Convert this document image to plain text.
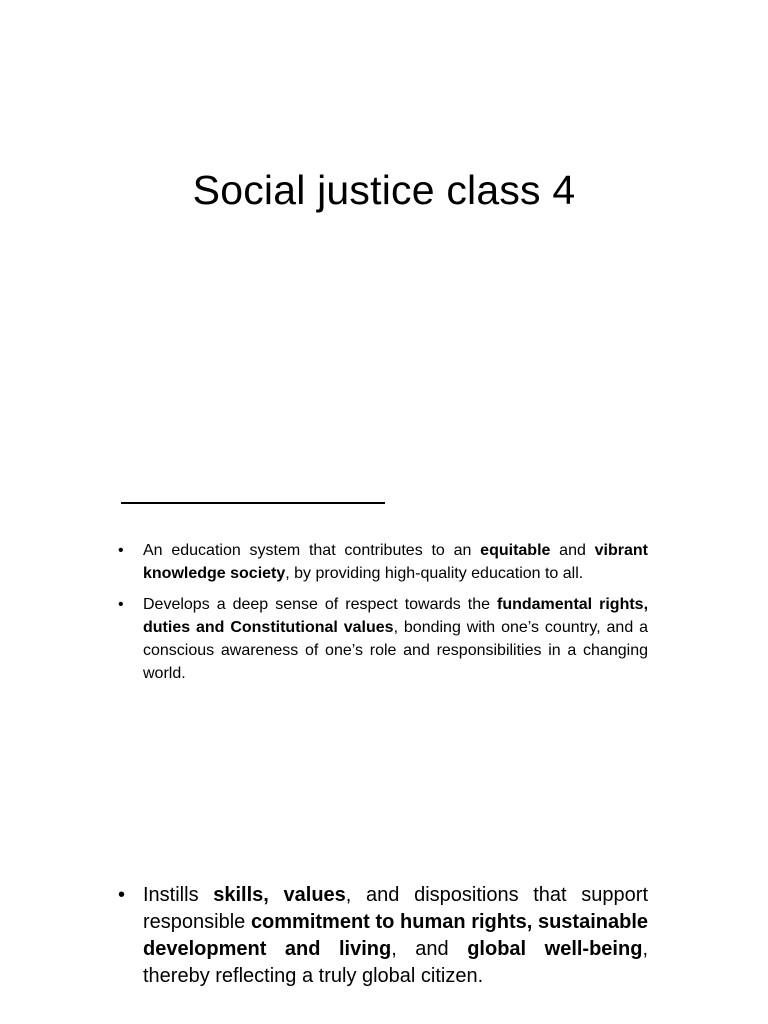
Social justice class 4
• An education system that contributes to an equitable and vibrant knowledge society, by providing high-quality education to all.
• Develops a deep sense of respect towards the fundamental rights, duties and Constitutional values, bonding with one’s country, and a conscious awareness of one’s role and responsibilities in a changing world.
• Instills skills, values, and dispositions that support responsible commitment to human rights, sustainable development and living, and global well-being, thereby reflecting a truly global citizen.
